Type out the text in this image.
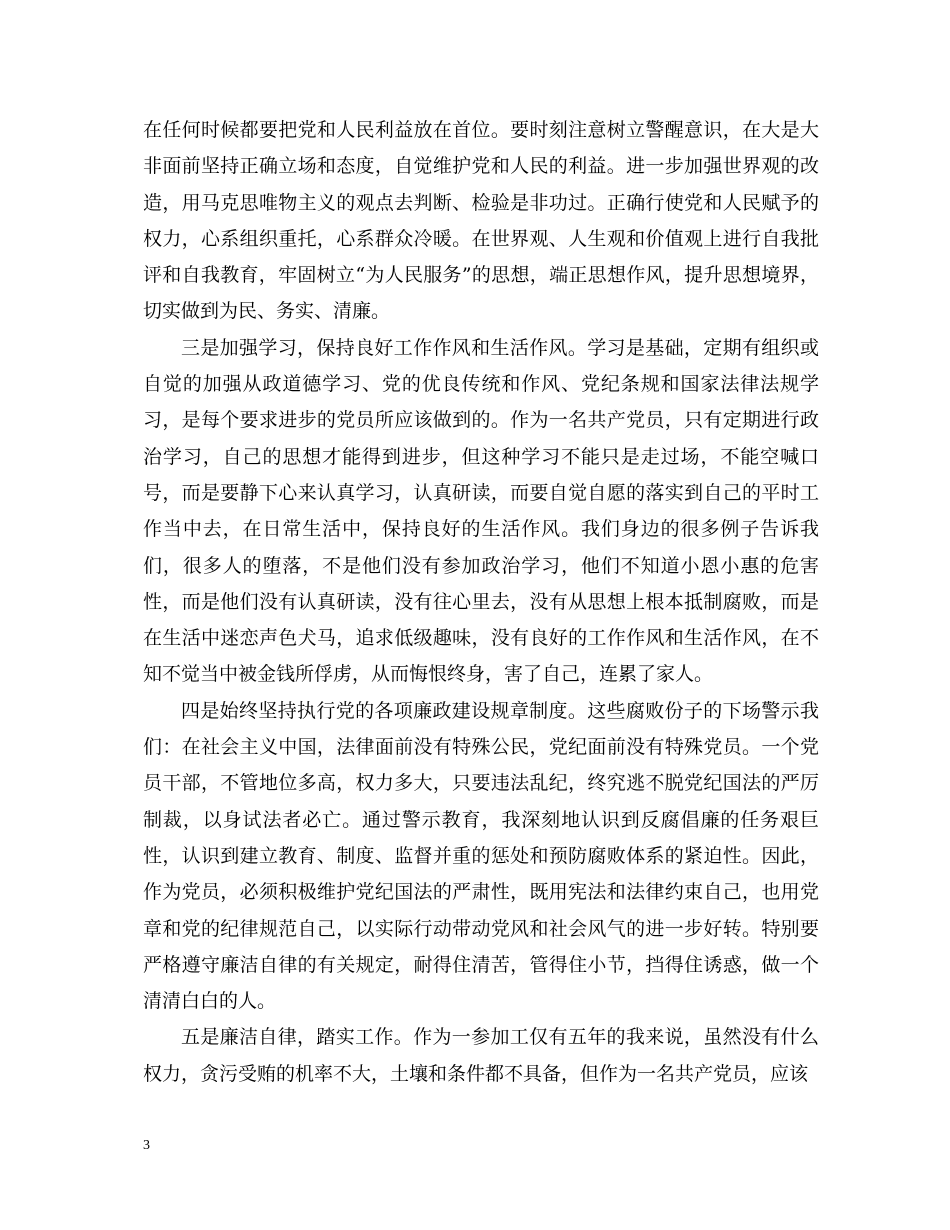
在任何时候都要把党和人民利益放在首位。要时刻注意树立警醒意识，在大是大非面前坚持正确立场和态度，自觉维护党和人民的利益。进一步加强世界观的改造，用马克思唯物主义的观点去判断、检验是非功过。正确行使党和人民赋予的权力，心系组织重托，心系群众冷暖。在世界观、人生观和价值观上进行自我批评和自我教育，牢固树立“为人民服务”的思想，端正思想作风，提升思想境界，切实做到为民、务实、清廉。

三是加强学习，保持良好工作作风和生活作风。学习是基础，定期有组织或自觉的加强从政道德学习、党的优良传统和作风、党纪条规和国家法律法规学习，是每个要求进步的党员所应该做到的。作为一名共产党员，只有定期进行政治学习，自己的思想才能得到进步，但这种学习不能只是走过场，不能空喊口号，而是要静下心来认真学习，认真研读，而要自觉自愿的落实到自己的平时工作当中去，在日常生活中，保持良好的生活作风。我们身边的很多例子告诉我们，很多人的堕落，不是他们没有参加政治学习，他们不知道小恩小惠的危害性，而是他们没有认真研读，没有往心里去，没有从思想上根本抵制腐败，而是在生活中迷恋声色犬马，追求低级趣味，没有良好的工作作风和生活作风，在不知不觉当中被金钱所俘虏，从而悔恨终身，害了自己，连累了家人。

四是始终坚持执行党的各项廉政建设规章制度。这些腐败份子的下场警示我们：在社会主义中国，法律面前没有特殊公民，党纪面前没有特殊党员。一个党员干部，不管地位多高，权力多大，只要违法乱纪，终究逃不脱党纪国法的严厉制裁，以身试法者必亡。通过警示教育，我深刻地认识到反腐倡廉的任务艰巨性，认识到建立教育、制度、监督并重的惩处和预防腐败体系的紧迫性。因此，作为党员，必须积极维护党纪国法的严肃性，既用宪法和法律约束自己，也用党章和党的纪律规范自己，以实际行动带动党风和社会风气的进一步好转。特别要严格遵守廉洁自律的有关规定，耐得住清苦，管得住小节，挡得住诱惑，做一个清清白白的人。

五是廉洁自律，踏实工作。作为一参加工仅有五年的我来说，虽然没有什么权力，贪污受贿的机率不大，土壤和条件都不具备，但作为一名共产党员，应该

3
